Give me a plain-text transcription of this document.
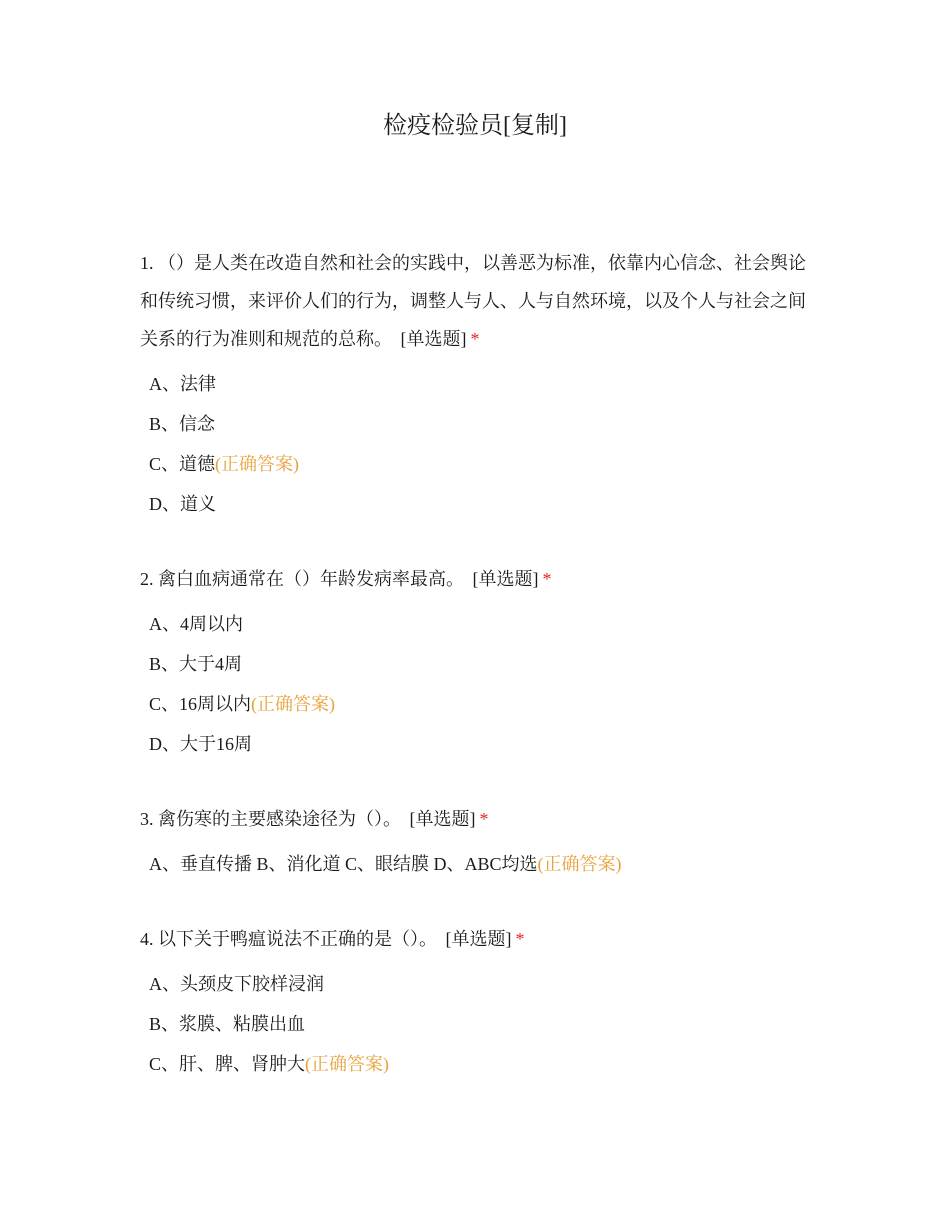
检疫检验员[复制]

1. （）是人类在改造自然和社会的实践中，以善恶为标准，依靠内心信念、社会舆论和传统习惯，来评价人们的行为，调整人与人、人与自然环境，以及个人与社会之间关系的行为准则和规范的总称。 [单选题] *

A、法律
B、信念
C、道德(正确答案)
D、道义

2. 禽白血病通常在（）年龄发病率最高。 [单选题] *

A、4周以内
B、大于4周
C、16周以内(正确答案)
D、大于16周

3. 禽伤寒的主要感染途径为（）。 [单选题] *

A、垂直传播 B、消化道 C、眼结膜 D、ABC均选(正确答案)

4. 以下关于鸭瘟说法不正确的是（）。 [单选题] *

A、头颈皮下胶样浸润
B、浆膜、粘膜出血
C、肝、脾、肾肿大(正确答案)
